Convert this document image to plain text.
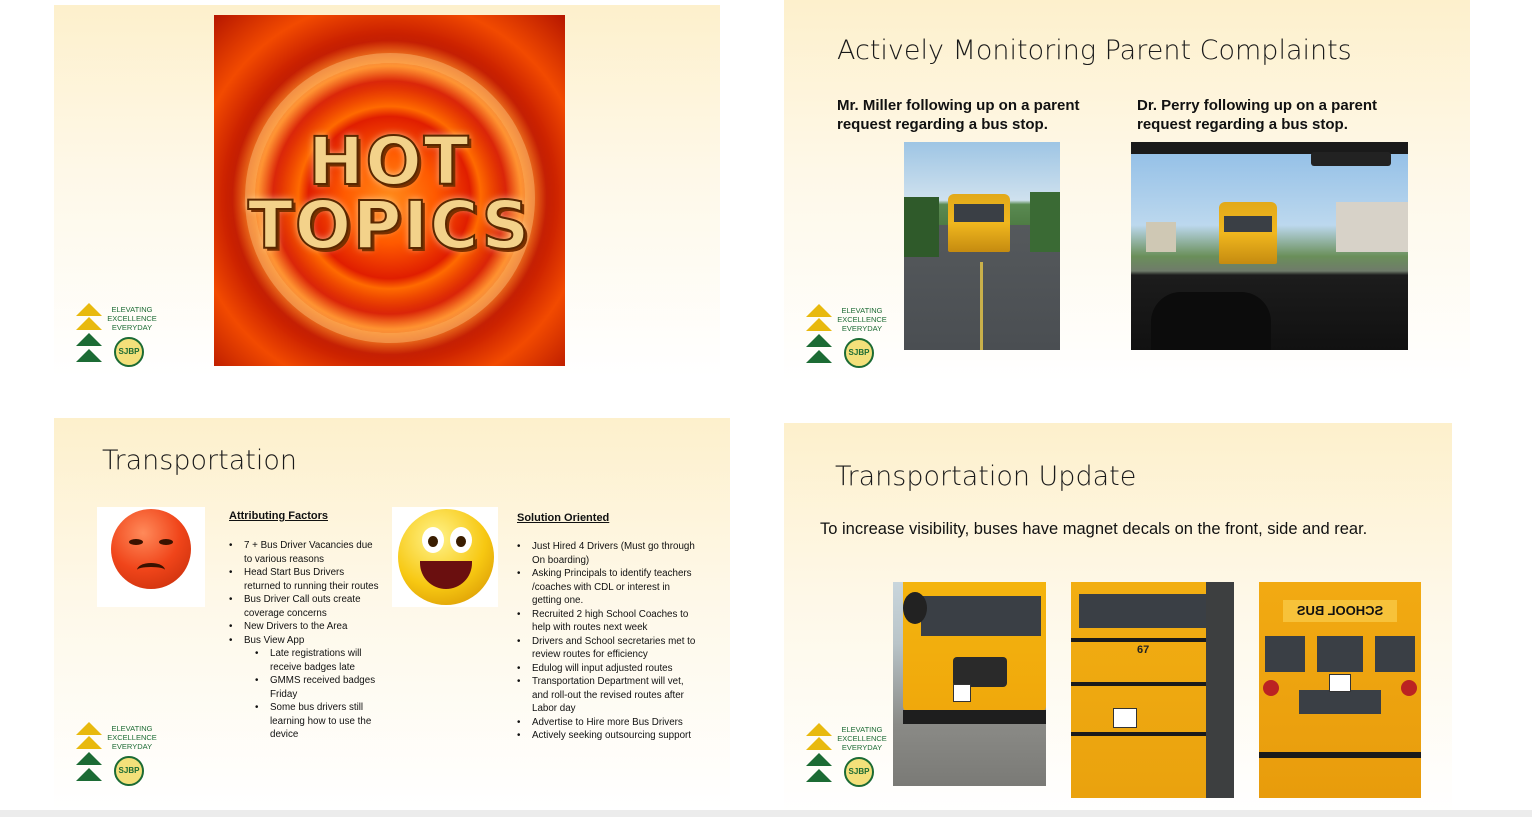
HOT
TOPICS
ELEVATING
EXCELLENCE
EVERYDAY
SJBP
Actively Monitoring Parent Complaints
Mr. Miller following up on a parent request regarding a bus stop.
Dr. Perry following up on a parent request regarding a bus stop.
ELEVATING
EXCELLENCE
EVERYDAY
SJBP
Transportation
Attributing Factors
• 7 + Bus Driver Vacancies due to various reasons
• Head Start Bus Drivers returned to running their routes
• Bus Driver Call outs create coverage concerns
• New Drivers to the Area
• Bus View App
• Late registrations will receive badges late
• GMMS received badges Friday
• Some bus drivers still learning how to use the device
Solution Oriented
• Just Hired 4 Drivers (Must go through On boarding)
• Asking Principals to identify teachers /coaches with CDL or interest in getting one.
• Recruited 2 high School Coaches to help with routes next week
• Drivers and School secretaries met to review routes for efficiency
• Edulog will input adjusted routes
• Transportation Department will vet, and roll-out the revised routes after Labor day
• Advertise to Hire more Bus Drivers
• Actively seeking outsourcing support
ELEVATING
EXCELLENCE
EVERYDAY
SJBP
Transportation Update
To increase visibility, buses have magnet decals on the front, side and rear.
67
SCHOOL BUS
ELEVATING
EXCELLENCE
EVERYDAY
SJBP
